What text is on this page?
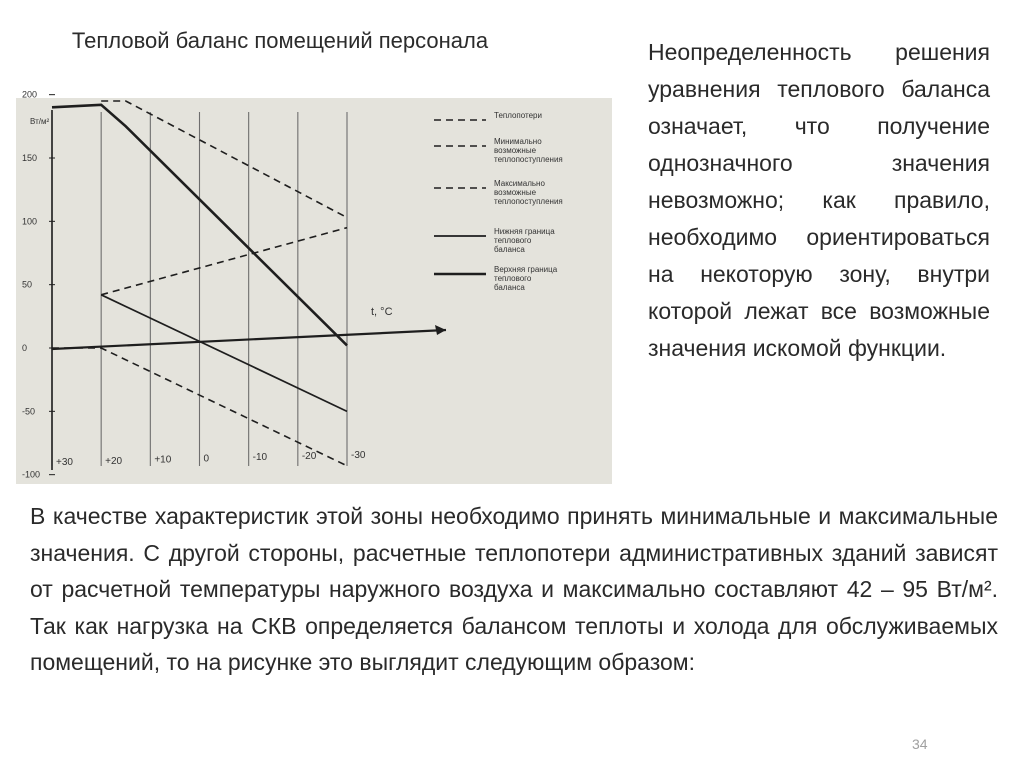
Тепловой баланс помещений персонала
200
150
100
50
0
-50
-100
Вт/м²
+30	+20	+10	0	-10	-20	-30
t, °C
Теплопотери
Минимально
возможные
теплопоступления
Максимально
возможные
теплопоступления
Нижняя граница
теплового
баланса
Верхняя граница
теплового
баланса
Неопределенность решения уравнения теплового баланса означает, что получение однозначного значения невозможно; как правило, необходимо ориентироваться на некоторую зону, внутри которой лежат все возможные значения искомой функции.
В качестве характеристик этой зоны необходимо принять минимальные и максимальные значения. С другой стороны, расчетные теплопотери административных зданий зависят от расчетной температуры наружного воздуха и максимально составляют 42 – 95 Вт/м². Так как нагрузка на СКВ определяется балансом теплоты и холода для обслуживаемых помещений, то на рисунке это выглядит следующим образом:
34
